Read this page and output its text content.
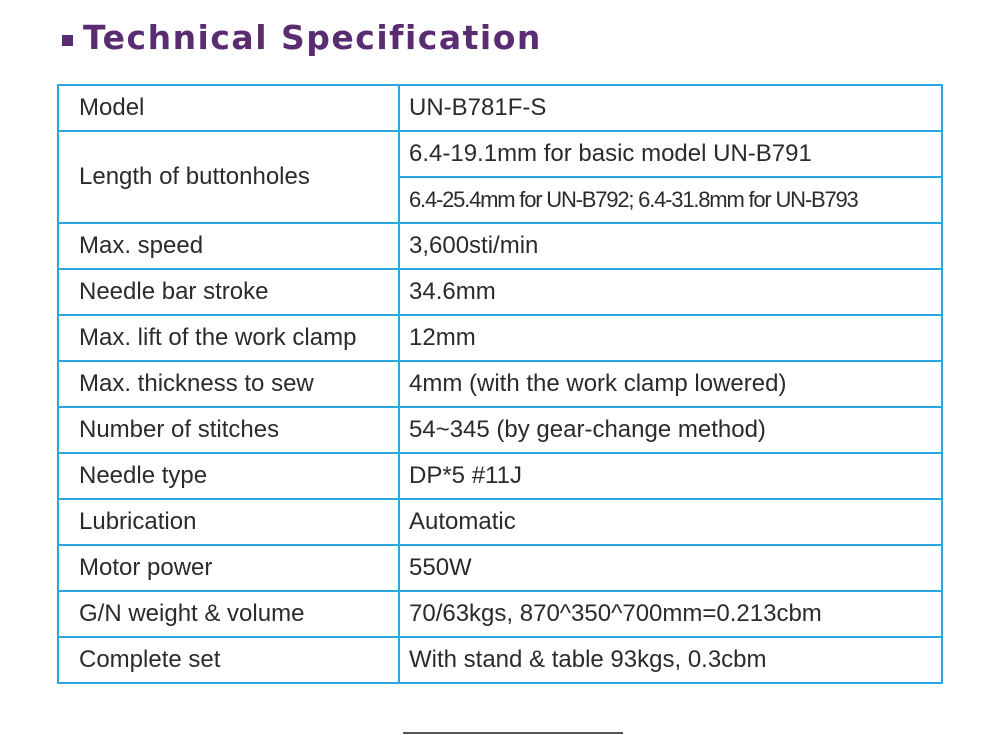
Technical Specification
Model	UN-B781F-S
Length of buttonholes	6.4-19.1mm for basic model UN-B791
	6.4-25.4mm for UN-B792; 6.4-31.8mm for UN-B793
Max. speed	3,600sti/min
Needle bar stroke	34.6mm
Max. lift of the work clamp	12mm
Max. thickness to sew	4mm (with the work clamp lowered)
Number of stitches	54~345 (by gear-change method)
Needle type	DP*5 #11J
Lubrication	Automatic
Motor power	550W
G/N weight & volume	70/63kgs, 870^350^700mm=0.213cbm
Complete set	With stand & table 93kgs, 0.3cbm
